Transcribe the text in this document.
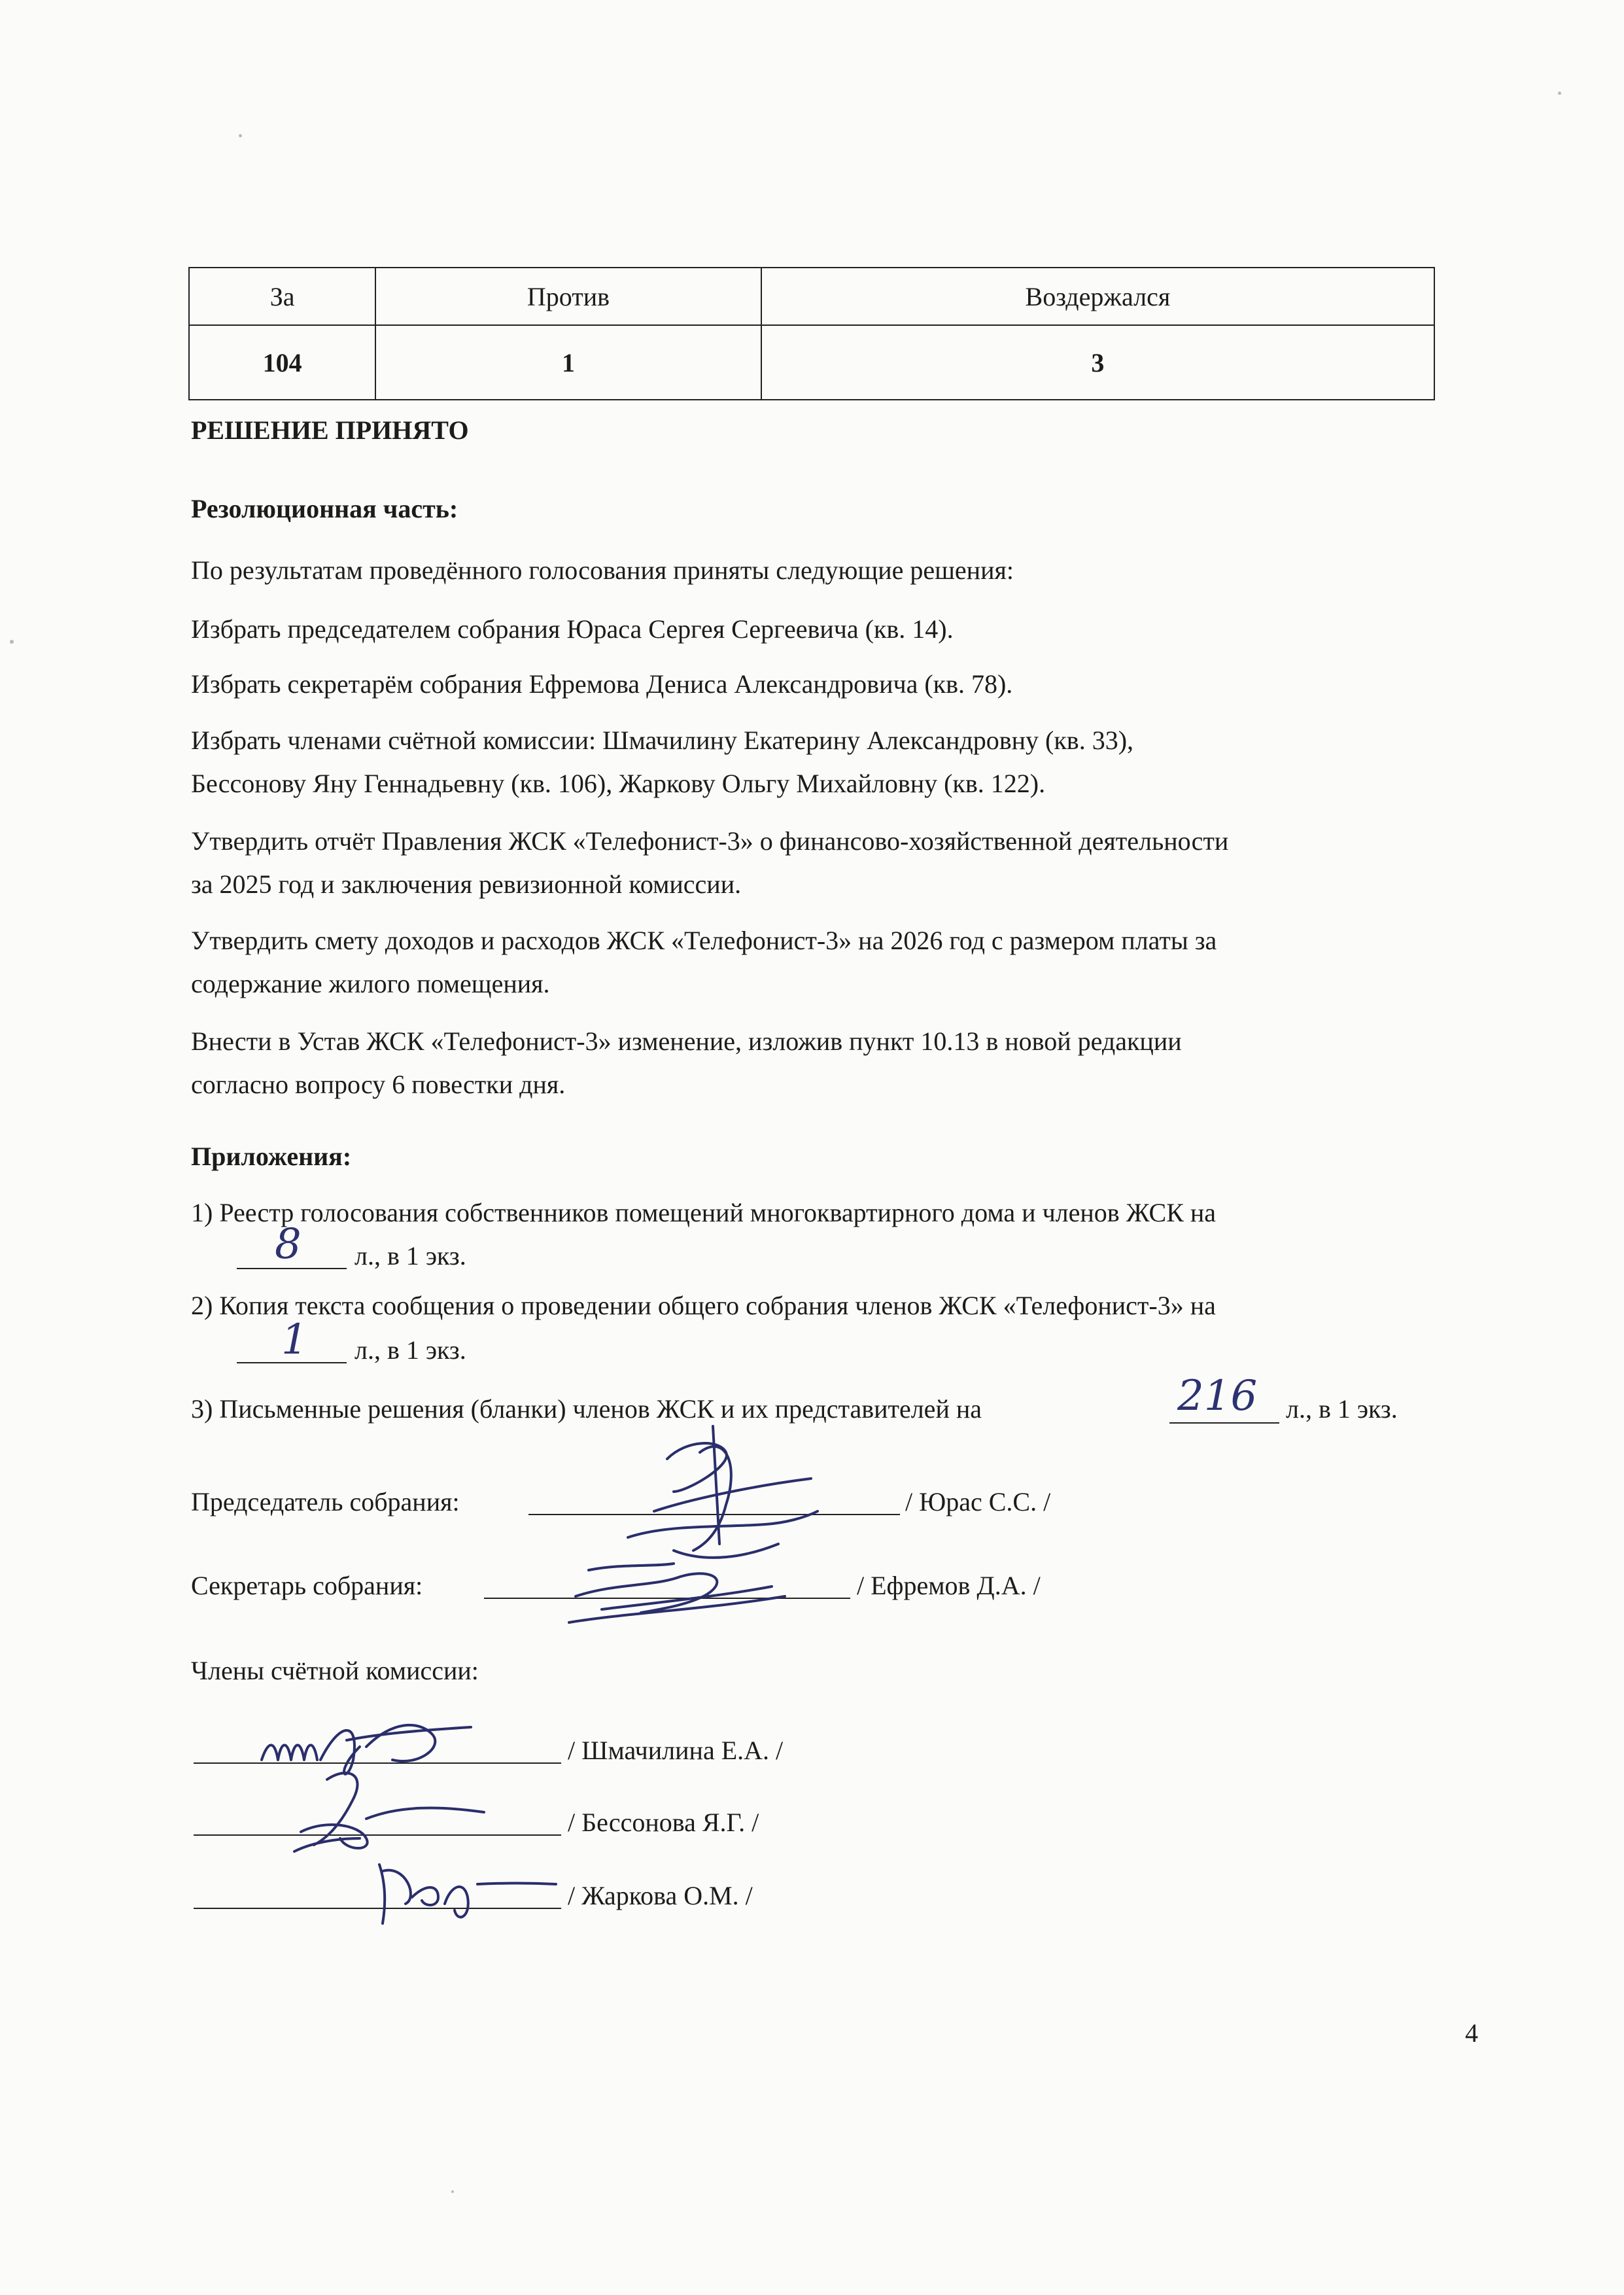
За	Против	Воздержался
104	1	3
РЕШЕНИЕ ПРИНЯТО
Резолюционная часть:
По результатам проведённого голосования приняты следующие решения:
Избрать председателем собрания Юраса Сергея Сергеевича (кв. 14).
Избрать секретарём собрания Ефремова Дениса Александровича (кв. 78).
Избрать членами счётной комиссии: Шмачилину Екатерину Александровну (кв. 33),
Бессонову Яну Геннадьевну (кв. 106), Жаркову Ольгу Михайловну (кв. 122).
Утвердить отчёт Правления ЖСК «Телефонист-3» о финансово-хозяйственной деятельности
за 2025 год и заключения ревизионной комиссии.
Утвердить смету доходов и расходов ЖСК «Телефонист-3» на 2026 год с размером платы за
содержание жилого помещения.
Внести в Устав ЖСК «Телефонист-3» изменение, изложив пункт 10.13 в новой редакции
согласно вопросу 6 повестки дня.
Приложения:
1) Реестр голосования собственников помещений многоквартирного дома и членов ЖСК на
8 л., в 1 экз.
2) Копия текста сообщения о проведении общего собрания членов ЖСК «Телефонист-3» на
1 л., в 1 экз.
3) Письменные решения (бланки) членов ЖСК и их представителей на	216 л., в 1 экз.
Председатель собрания:	/ Юрас С.С. /
Секретарь собрания:	/ Ефремов Д.А. /
Члены счётной комиссии:
/ Шмачилина Е.А. /
/ Бессонова Я.Г. /
/ Жаркова О.М. /
4
